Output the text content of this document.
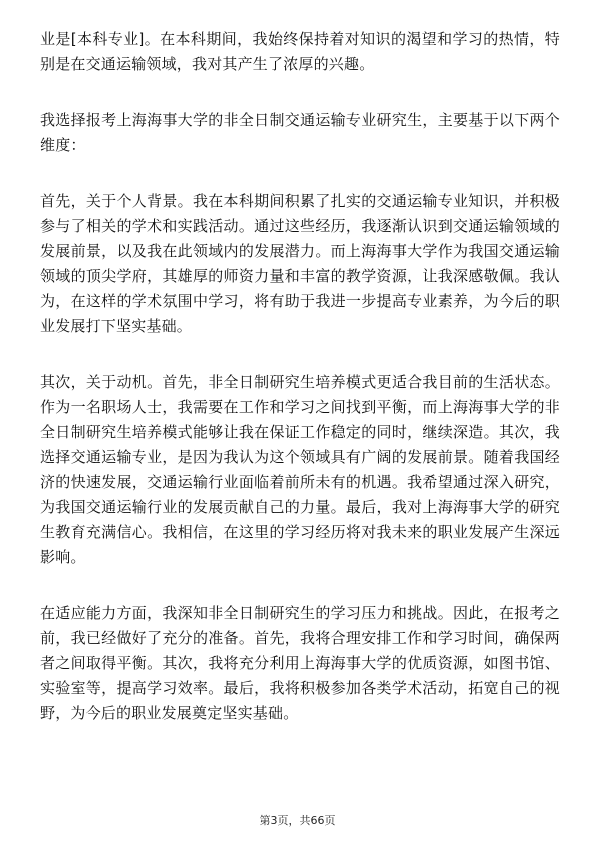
业是[本科专业]。在本科期间，我始终保持着对知识的渴望和学习的热情，特别是在交通运输领域，我对其产生了浓厚的兴趣。

我选择报考上海海事大学的非全日制交通运输专业研究生，主要基于以下两个维度：

首先，关于个人背景。我在本科期间积累了扎实的交通运输专业知识，并积极参与了相关的学术和实践活动。通过这些经历，我逐渐认识到交通运输领域的发展前景，以及我在此领域内的发展潜力。而上海海事大学作为我国交通运输领域的顶尖学府，其雄厚的师资力量和丰富的教学资源，让我深感敬佩。我认为，在这样的学术氛围中学习，将有助于我进一步提高专业素养，为今后的职业发展打下坚实基础。

其次，关于动机。首先，非全日制研究生培养模式更适合我目前的生活状态。作为一名职场人士，我需要在工作和学习之间找到平衡，而上海海事大学的非全日制研究生培养模式能够让我在保证工作稳定的同时，继续深造。其次，我选择交通运输专业，是因为我认为这个领域具有广阔的发展前景。随着我国经济的快速发展，交通运输行业面临着前所未有的机遇。我希望通过深入研究，为我国交通运输行业的发展贡献自己的力量。最后，我对上海海事大学的研究生教育充满信心。我相信，在这里的学习经历将对我未来的职业发展产生深远影响。

在适应能力方面，我深知非全日制研究生的学习压力和挑战。因此，在报考之前，我已经做好了充分的准备。首先，我将合理安排工作和学习时间，确保两者之间取得平衡。其次，我将充分利用上海海事大学的优质资源，如图书馆、实验室等，提高学习效率。最后，我将积极参加各类学术活动，拓宽自己的视野，为今后的职业发展奠定坚实基础。

第3页，共66页
